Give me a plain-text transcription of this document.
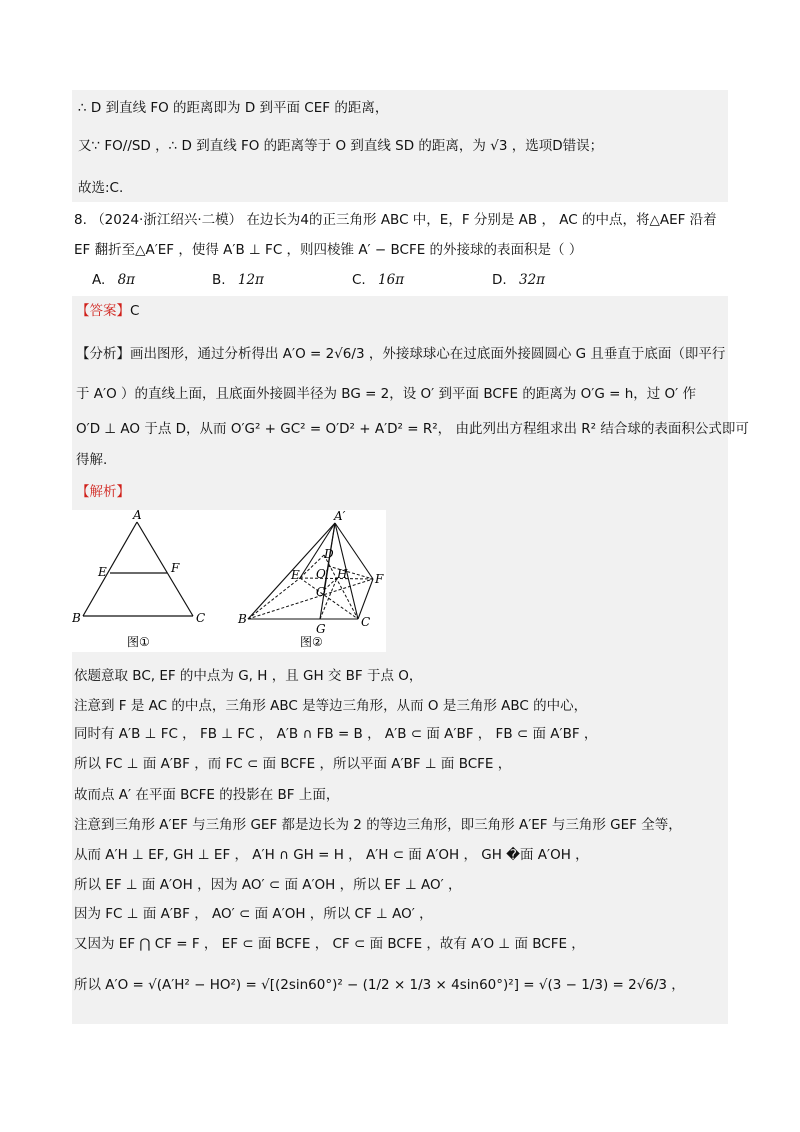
∴ D 到直线 FO 的距离即为 D 到平面 CEF 的距离，
又∵ FO//SD ，∴ D 到直线 FO 的距离等于 O 到直线 SD 的距离，为 √3 ，选项D错误；
故选:C.
8. （2024·浙江绍兴·二模） 在边长为4的正三角形 ABC 中，E，F 分别是 AB ， AC 的中点，将△AEF 沿着
EF 翻折至△A′EF ，使得 A′B ⊥ FC ，则四棱锥 A′ − BCFE 的外接球的表面积是（ ）
A. 8π	B. 12π	C. 16π	D. 32π
【答案】C
【分析】画出图形，通过分析得出 A′O = 2√6/3 ，外接球球心在过底面外接圆圆心 G 且垂直于底面（即平行
于 A′O ）的直线上面，且底面外接圆半径为 BG = 2，设 O′ 到平面 BCFE 的距离为 O′G = h，过 O′ 作
O′D ⊥ AO 于点 D，从而 O′G² + GC² = O′D² + A′D² = R²， 由此列出方程组求出 R² 结合球的表面积公式即可
得解.
【解析】
A
E	F
B	C
图①
A′
D
O′ H
E
O
F
B
G	C
图②
依题意取 BC, EF 的中点为 G, H ，且 GH 交 BF 于点 O，
注意到 F 是 AC 的中点，三角形 ABC 是等边三角形，从而 O 是三角形 ABC 的中心，
同时有 A′B ⊥ FC ， FB ⊥ FC ， A′B ∩ FB = B ， A′B ⊂ 面 A′BF ， FB ⊂ 面 A′BF ，
所以 FC ⊥ 面 A′BF ，而 FC ⊂ 面 BCFE ，所以平面 A′BF ⊥ 面 BCFE ，
故而点 A′ 在平面 BCFE 的投影在 BF 上面，
注意到三角形 A′EF 与三角形 GEF 都是边长为 2 的等边三角形，即三角形 A′EF 与三角形 GEF 全等，
从而 A′H ⊥ EF, GH ⊥ EF ， A′H ∩ GH = H ， A′H ⊂ 面 A′OH ， GH �面 A′OH ，
所以 EF ⊥ 面 A′OH ，因为 AO′ ⊂ 面 A′OH ，所以 EF ⊥ AO′ ，
因为 FC ⊥ 面 A′BF ， AO′ ⊂ 面 A′OH ，所以 CF ⊥ AO′ ，
又因为 EF ⋂ CF = F ， EF ⊂ 面 BCFE ， CF ⊂ 面 BCFE ，故有 A′O ⊥ 面 BCFE ，
所以 A′O = √(A′H² − HO²) = √[(2sin60°)² − (1/2 × 1/3 × 4sin60°)²] = √(3 − 1/3) = 2√6/3 ，
